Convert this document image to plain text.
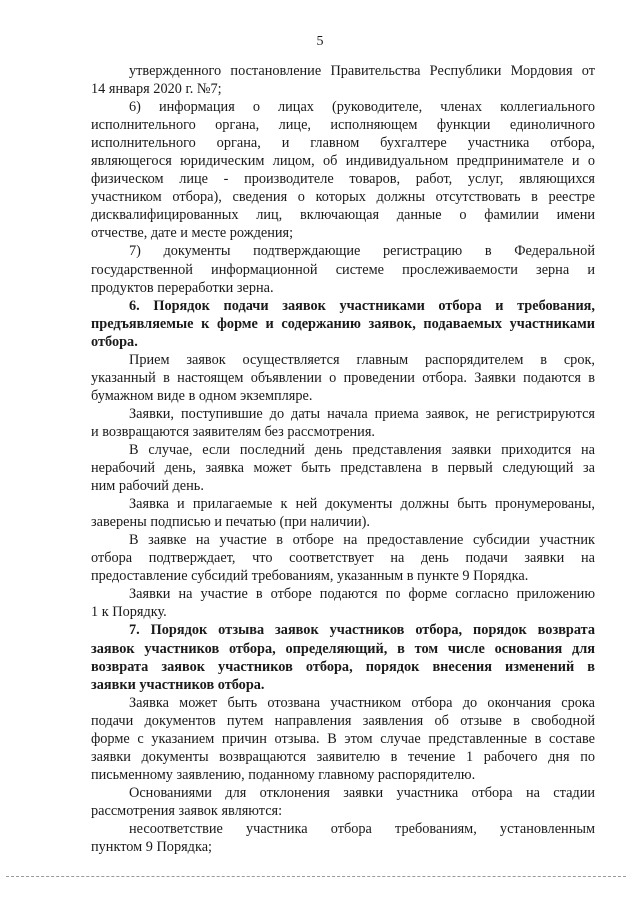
5
утвержденного постановление Правительства Республики Мордовия от
14 января 2020 г. №7;
6) информация о лицах (руководителе, членах коллегиального
исполнительного органа, лице, исполняющем функции единоличного
исполнительного органа, и главном бухгалтере участника отбора,
являющегося юридическим лицом, об индивидуальном предпринимателе и о
физическом лице - производителе товаров, работ, услуг, являющихся
участником отбора), сведения о которых должны отсутствовать в реестре
дисквалифицированных лиц, включающая данные о фамилии имени
отчестве, дате и месте рождения;
7) документы подтверждающие регистрацию в Федеральной
государственной информационной системе прослеживаемости зерна и
продуктов переработки зерна.
6. Порядок подачи заявок участниками отбора и требования,
предъявляемые к форме и содержанию заявок, подаваемых участниками
отбора.
Прием заявок осуществляется главным распорядителем в срок,
указанный в настоящем объявлении о проведении отбора. Заявки подаются в
бумажном виде в одном экземпляре.
Заявки, поступившие до даты начала приема заявок, не регистрируются
и возвращаются заявителям без рассмотрения.
В случае, если последний день представления заявки приходится на
нерабочий день, заявка может быть представлена в первый следующий за
ним рабочий день.
Заявка и прилагаемые к ней документы должны быть пронумерованы,
заверены подписью и печатью (при наличии).
В заявке на участие в отборе на предоставление субсидии участник
отбора подтверждает, что соответствует на день подачи заявки на
предоставление субсидий требованиям, указанным в пункте 9 Порядка.
Заявки на участие в отборе подаются по форме согласно приложению
1 к Порядку.
7. Порядок отзыва заявок участников отбора, порядок возврата
заявок участников отбора, определяющий, в том числе основания для
возврата заявок участников отбора, порядок внесения изменений в
заявки участников отбора.
Заявка может быть отозвана участником отбора до окончания срока
подачи документов путем направления заявления об отзыве в свободной
форме с указанием причин отзыва. В этом случае представленные в составе
заявки документы возвращаются заявителю в течение 1 рабочего дня по
письменному заявлению, поданному главному распорядителю.
Основаниями для отклонения заявки участника отбора на стадии
рассмотрения заявок являются:
несоответствие участника отбора требованиям, установленным
пунктом 9 Порядка;
